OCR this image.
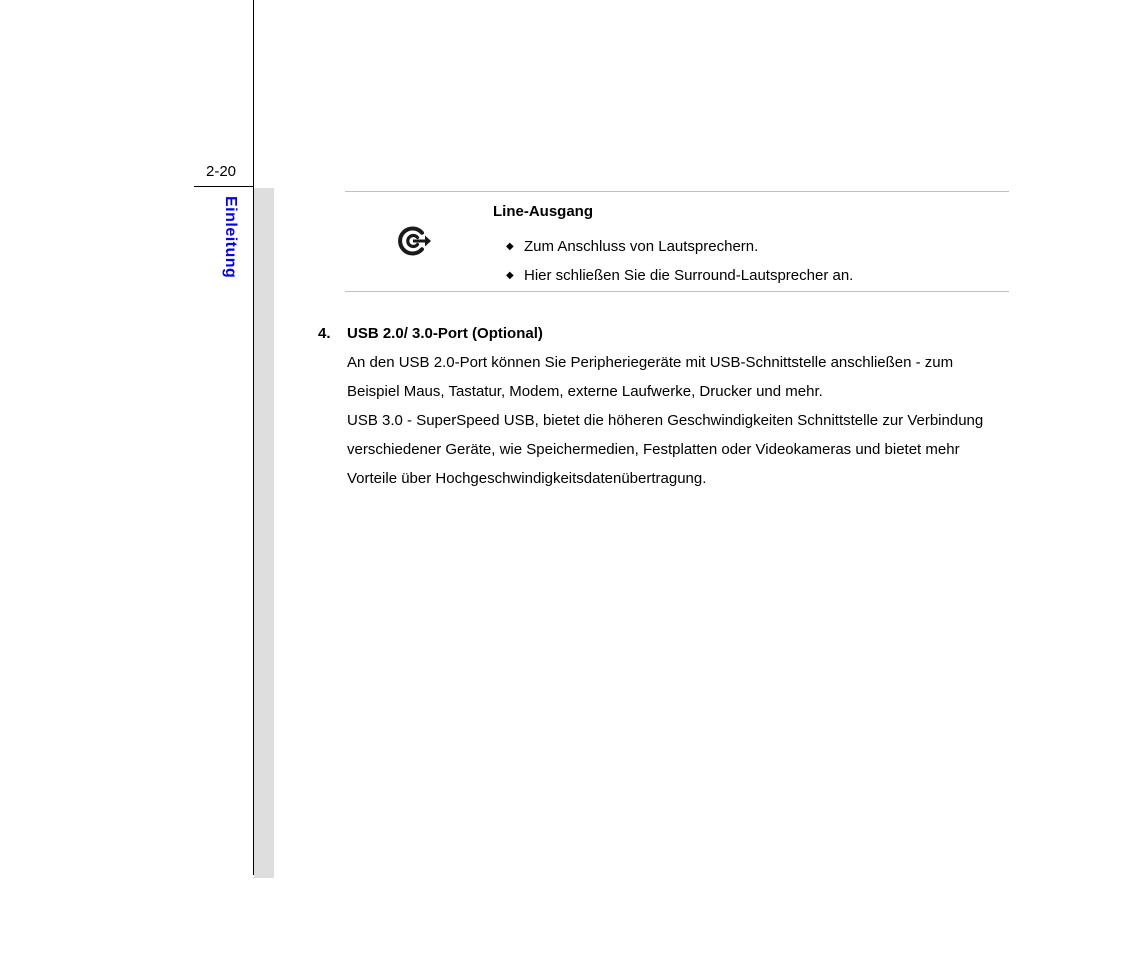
2-20
Einleitung	Line-Ausgang
◆ Zum Anschluss von Lautsprechern.
◆ Hier schließen Sie die Surround-Lautsprecher an.
4. USB 2.0/ 3.0-Port (Optional)
An den USB 2.0-Port können Sie Peripheriegeräte mit USB-Schnittstelle anschließen - zum
Beispiel Maus, Tastatur, Modem, externe Laufwerke, Drucker und mehr.
USB 3.0 - SuperSpeed USB, bietet die höheren Geschwindigkeiten Schnittstelle zur Verbindung
verschiedener Geräte, wie Speichermedien, Festplatten oder Videokameras und bietet mehr
Vorteile über Hochgeschwindigkeitsdatenübertragung.
